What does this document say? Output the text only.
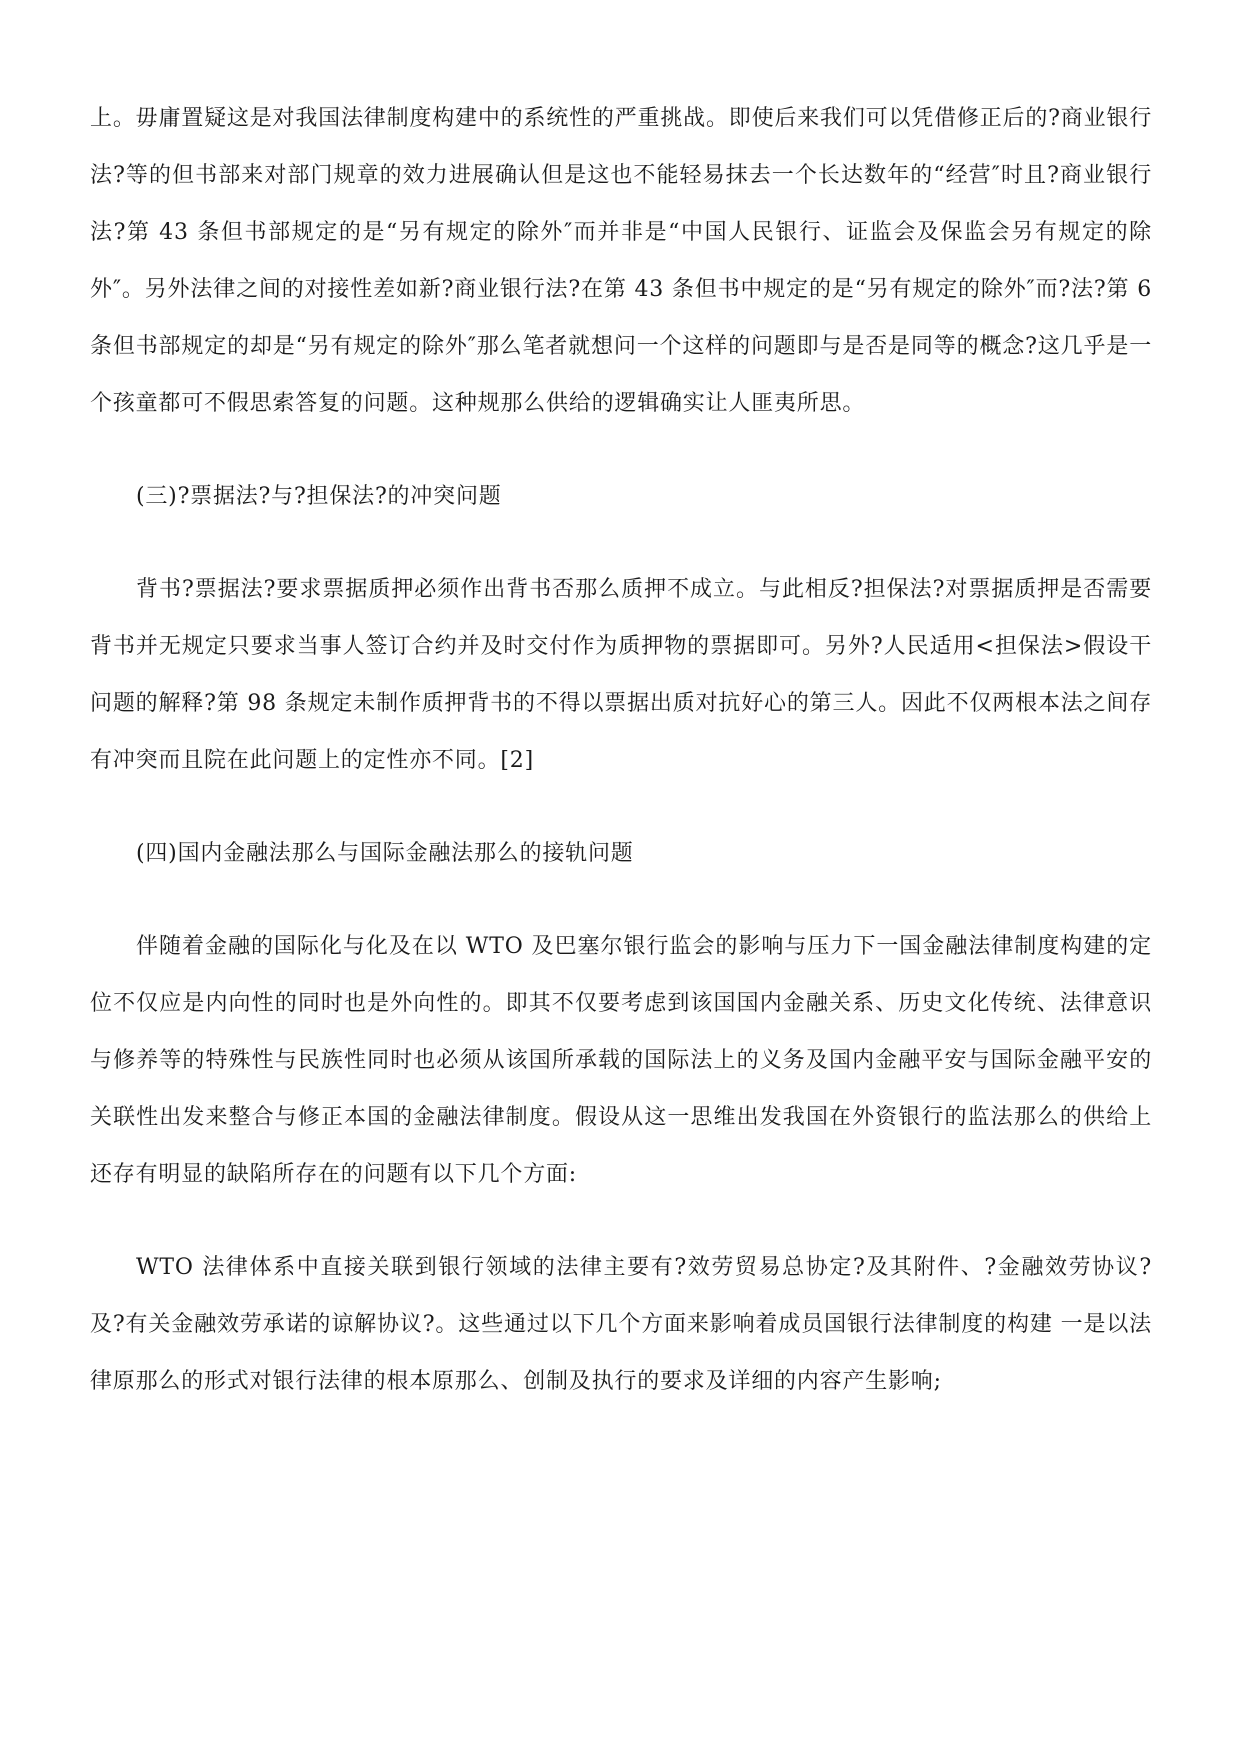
上。毋庸置疑这是对我国法律制度构建中的系统性的严重挑战。即使后来我们可以凭借修正后的?商业银行法?等的但书部来对部门规章的效力进展确认但是这也不能轻易抹去一个长达数年的“经营″时且?商业银行法?第 43 条但书部规定的是“另有规定的除外″而并非是“中国人民银行、证监会及保监会另有规定的除外″。另外法律之间的对接性差如新?商业银行法?在第 43 条但书中规定的是“另有规定的除外″而?法?第 6 条但书部规定的却是“另有规定的除外″那么笔者就想问一个这样的问题即与是否是同等的概念?这几乎是一个孩童都可不假思索答复的问题。这种规那么供给的逻辑确实让人匪夷所思。

(三)?票据法?与?担保法?的冲突问题

背书?票据法?要求票据质押必须作出背书否那么质押不成立。与此相反?担保法?对票据质押是否需要背书并无规定只要求当事人签订合约并及时交付作为质押物的票据即可。另外?人民适用<担保法>假设干问题的解释?第 98 条规定未制作质押背书的不得以票据出质对抗好心的第三人。因此不仅两根本法之间存有冲突而且院在此问题上的定性亦不同。[2]

(四)国内金融法那么与国际金融法那么的接轨问题

伴随着金融的国际化与化及在以 WTO 及巴塞尔银行监会的影响与压力下一国金融法律制度构建的定位不仅应是内向性的同时也是外向性的。即其不仅要考虑到该国国内金融关系、历史文化传统、法律意识与修养等的特殊性与民族性同时也必须从该国所承载的国际法上的义务及国内金融平安与国际金融平安的关联性出发来整合与修正本国的金融法律制度。假设从这一思维出发我国在外资银行的监法那么的供给上还存有明显的缺陷所存在的问题有以下几个方面:

WTO 法律体系中直接关联到银行领域的法律主要有?效劳贸易总协定?及其附件、?金融效劳协议?及?有关金融效劳承诺的谅解协议?。这些通过以下几个方面来影响着成员国银行法律制度的构建 一是以法律原那么的形式对银行法律的根本原那么、创制及执行的要求及详细的内容产生影响;
